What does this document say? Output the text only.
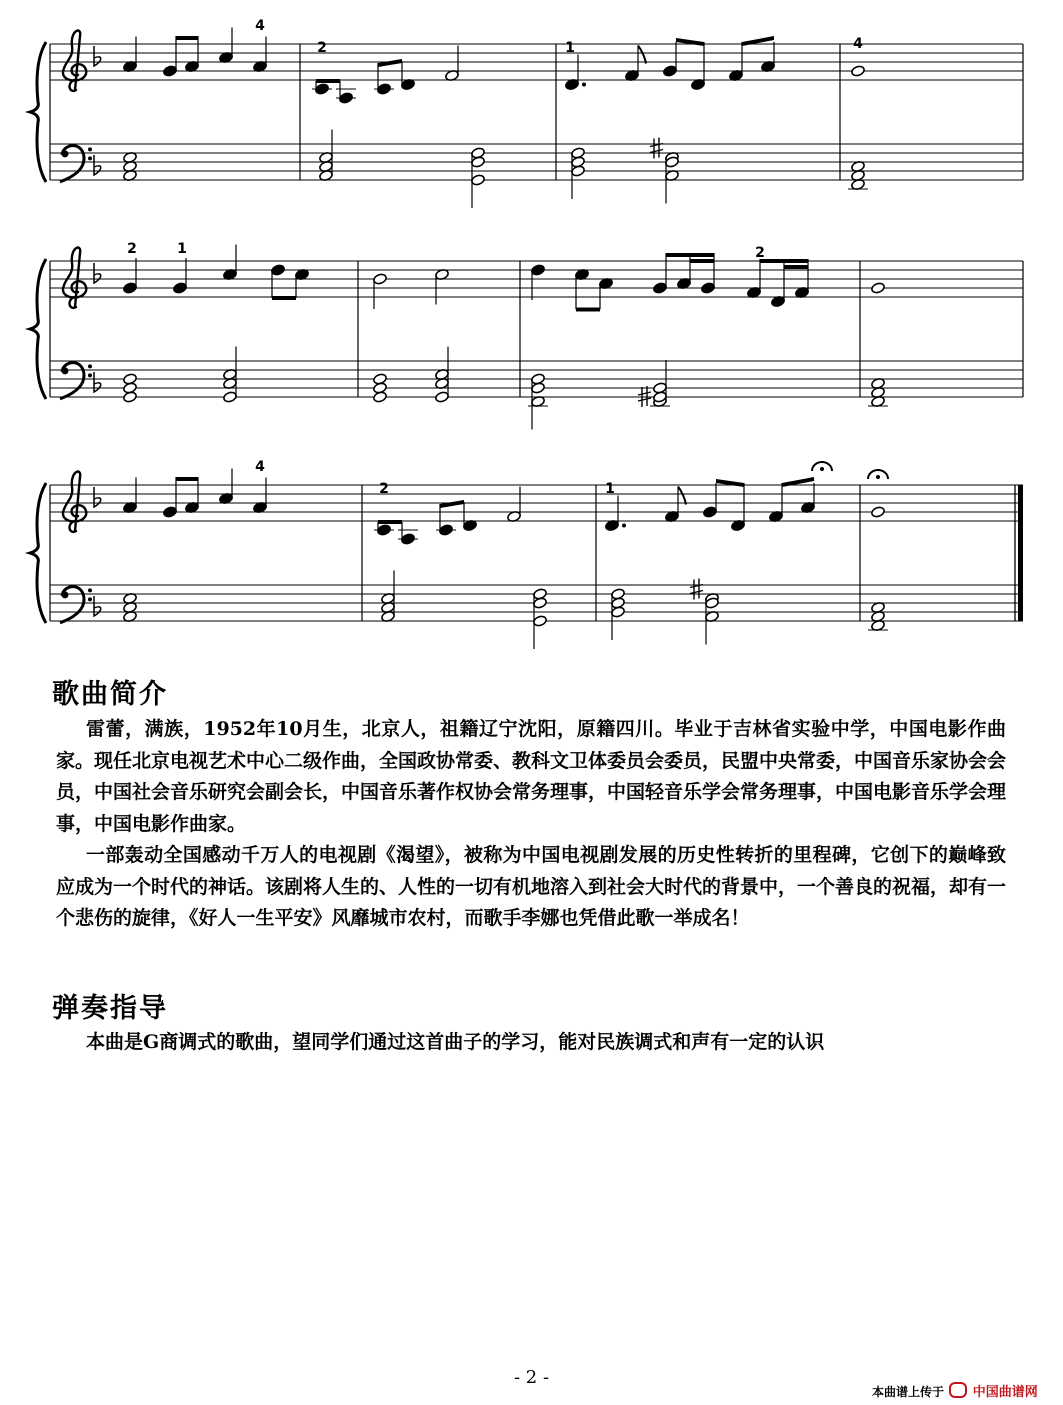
4
2	1	4
2	1	2
4
2	1
歌曲简介

雷蕾，满族，1952年10月生，北京人，祖籍辽宁沈阳，原籍四川。毕业于吉林省实验中学，中国电影作曲家。现任北京电视艺术中心二级作曲，全国政协常委、教科文卫体委员会委员，民盟中央常委，中国音乐家协会会员，中国社会音乐研究会副会长，中国音乐著作权协会常务理事，中国轻音乐学会常务理事，中国电影音乐学会理事，中国电影作曲家。

一部轰动全国感动千万人的电视剧《渴望》，被称为中国电视剧发展的历史性转折的里程碑，它创下的巅峰致应成为一个时代的神话。该剧将人生的、人性的一切有机地溶入到社会大时代的背景中，一个善良的祝福，却有一个悲伤的旋律，《好人一生平安》风靡城市农村，而歌手李娜也凭借此歌一举成名！

弹奏指导

本曲是G商调式的歌曲，望同学们通过这首曲子的学习，能对民族调式和声有一定的认识

- 2 -
本曲谱上传于 中国曲谱网
